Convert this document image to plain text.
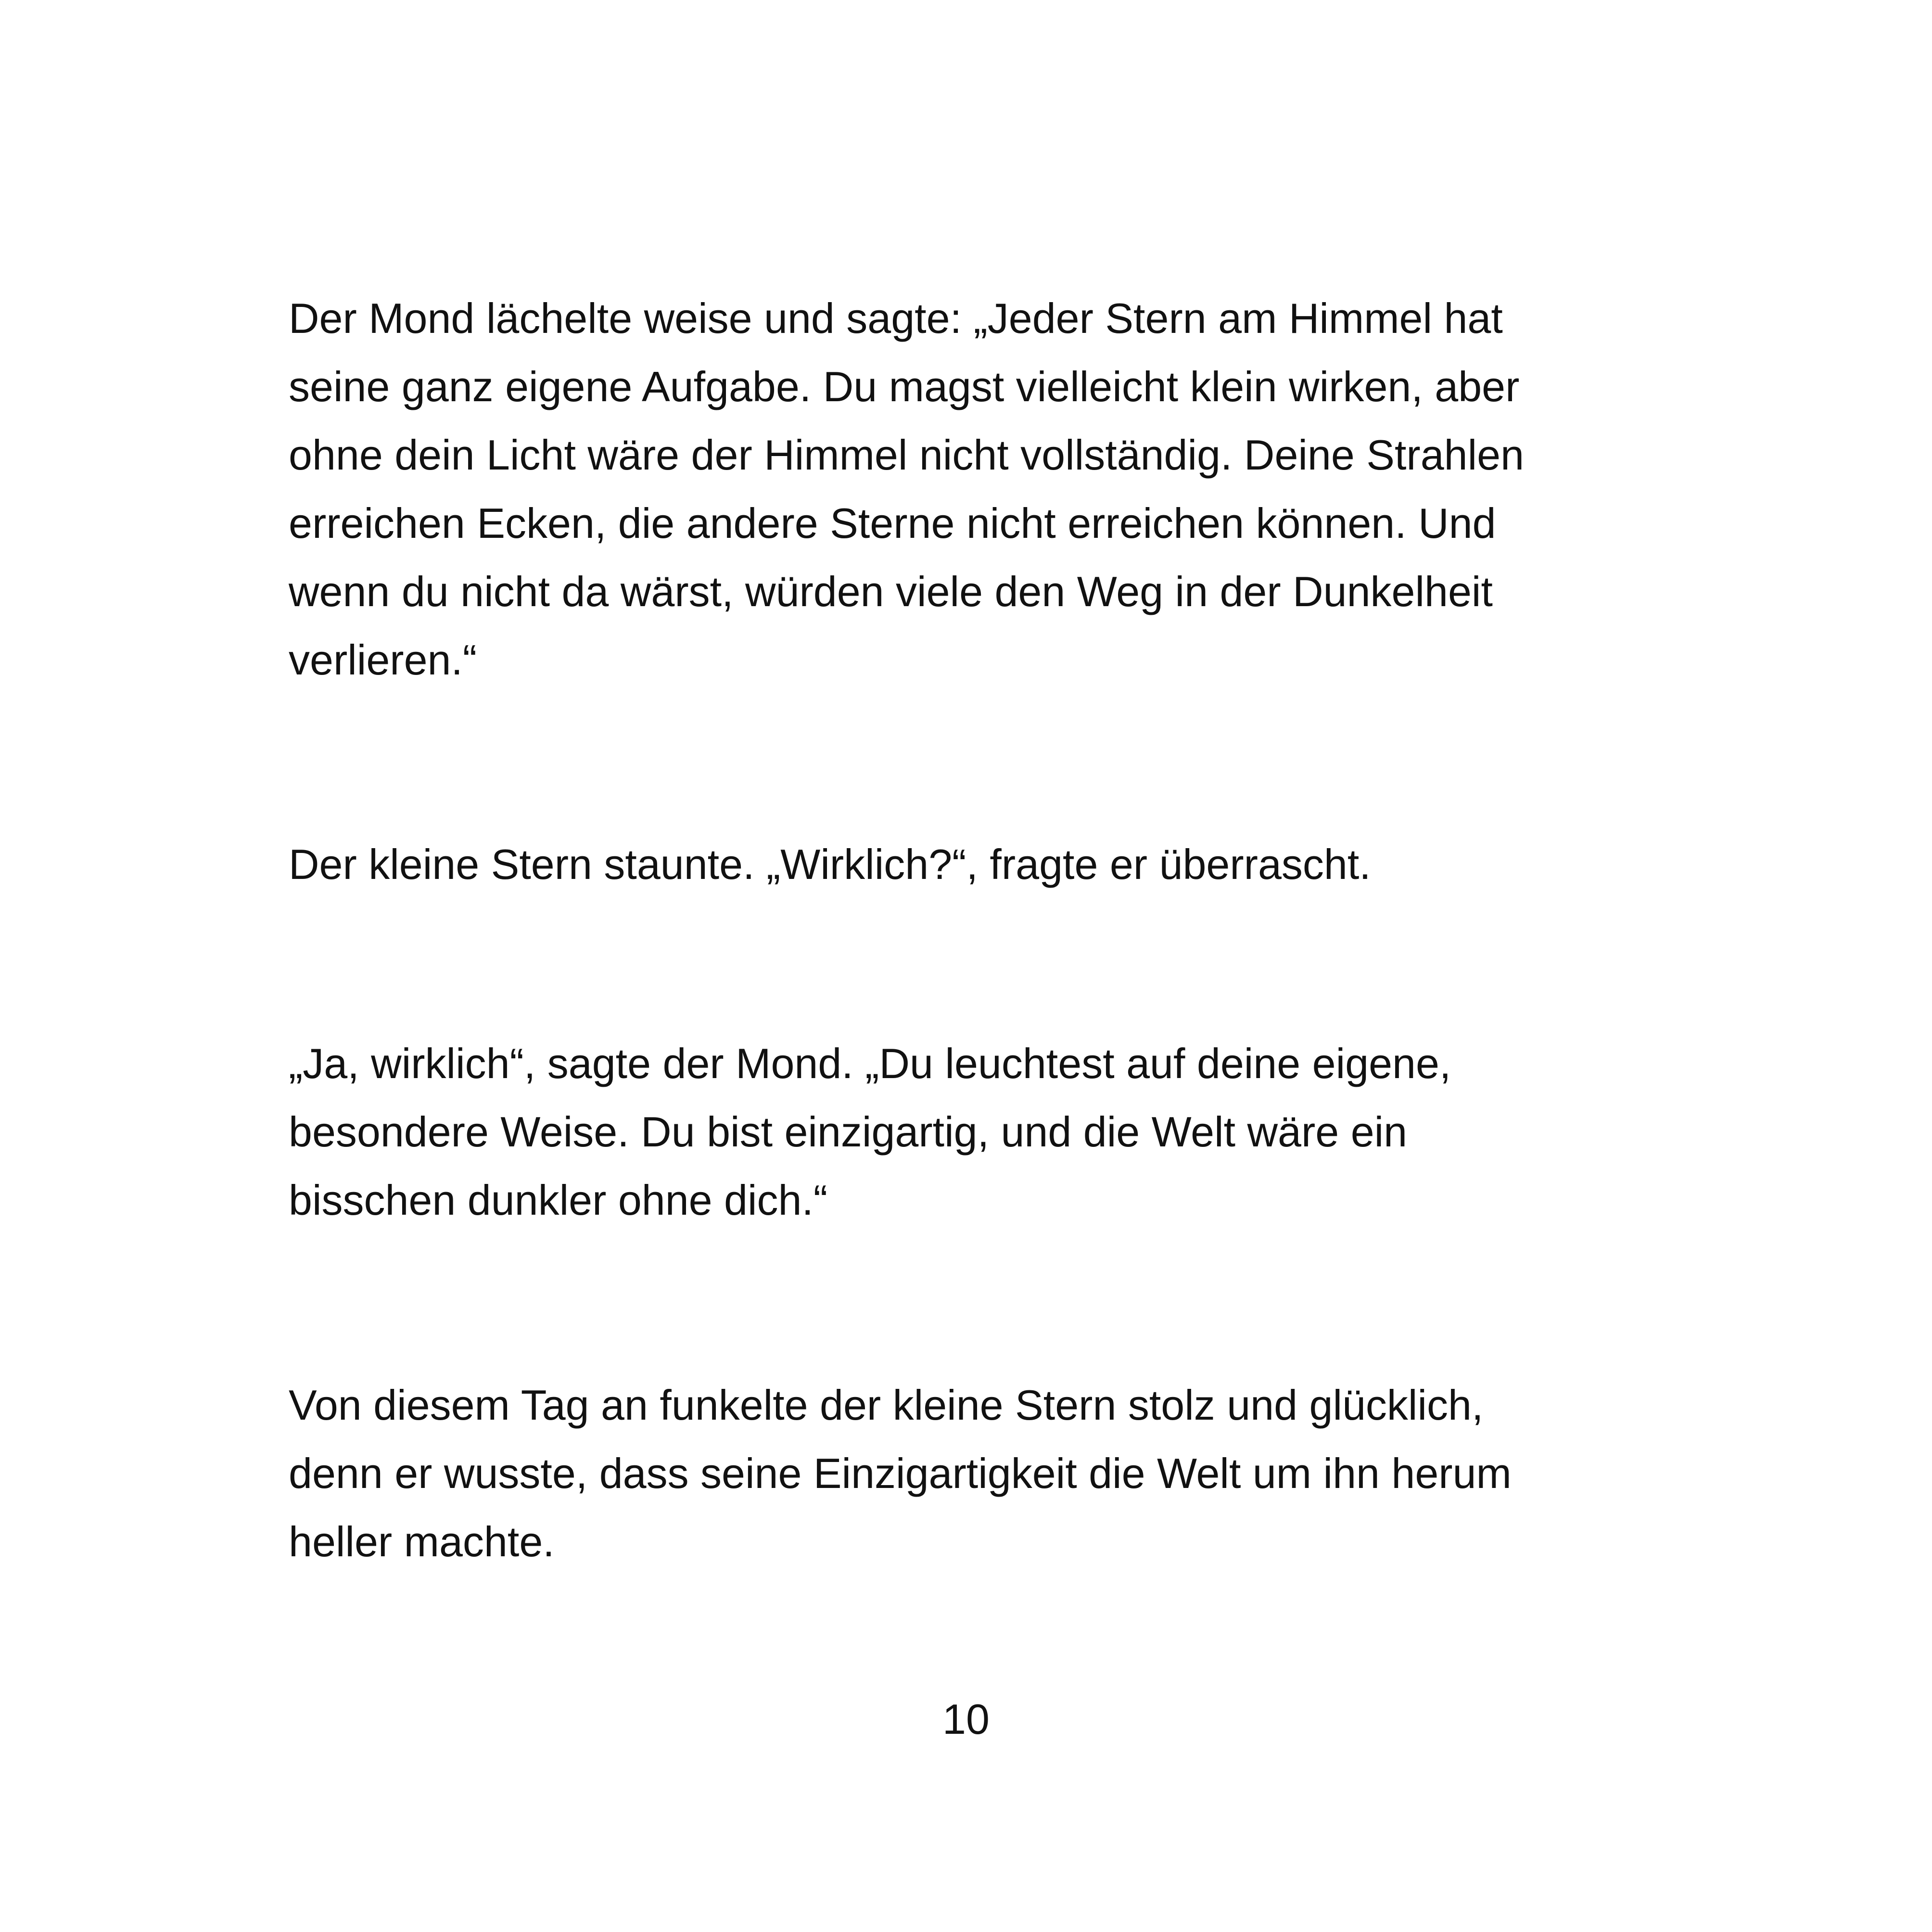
Der Mond lächelte weise und sagte: „Jeder Stern am Himmel hat
seine ganz eigene Aufgabe. Du magst vielleicht klein wirken, aber
ohne dein Licht wäre der Himmel nicht vollständig. Deine Strahlen
erreichen Ecken, die andere Sterne nicht erreichen können. Und
wenn du nicht da wärst, würden viele den Weg in der Dunkelheit
verlieren.“

Der kleine Stern staunte. „Wirklich?“, fragte er überrascht.

„Ja, wirklich“, sagte der Mond. „Du leuchtest auf deine eigene,
besondere Weise. Du bist einzigartig, und die Welt wäre ein
bisschen dunkler ohne dich.“

Von diesem Tag an funkelte der kleine Stern stolz und glücklich,
denn er wusste, dass seine Einzigartigkeit die Welt um ihn herum
heller machte.

10
